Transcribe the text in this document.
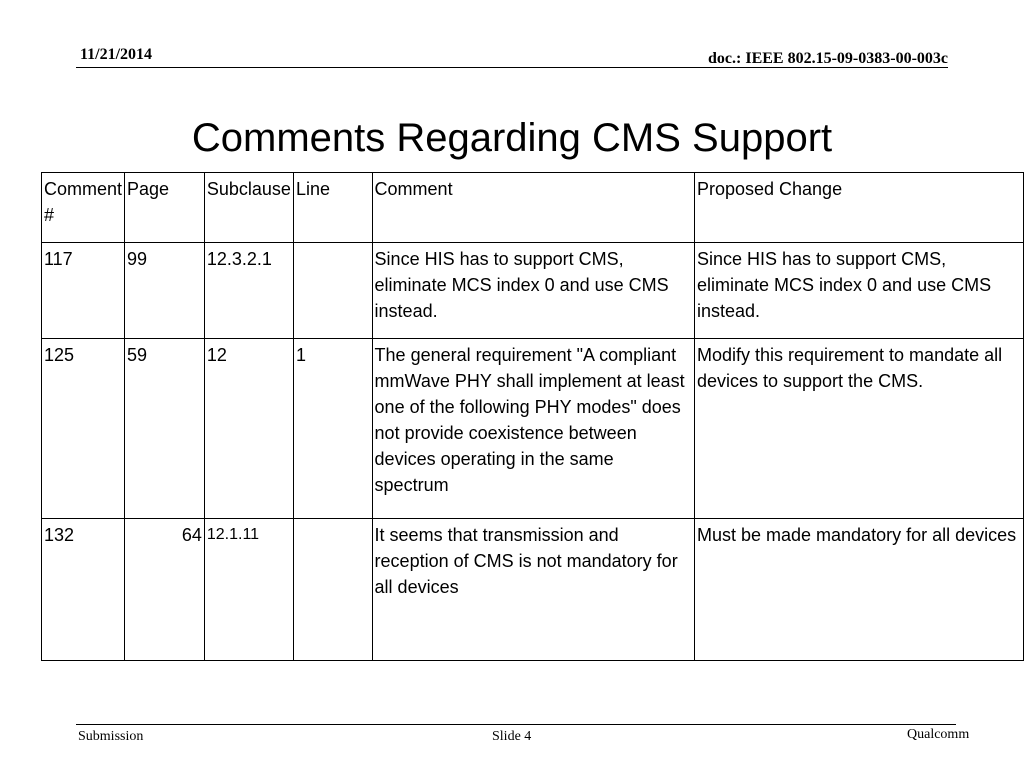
11/21/2014	doc.: IEEE 802.15-09-0383-00-003c
Comments Regarding CMS Support
Comment #	Page	Subclause	Line	Comment	Proposed Change
117	99	12.3.2.1		Since HIS has to support CMS, eliminate MCS index 0 and use CMS instead.	Since HIS has to support CMS, eliminate MCS index 0 and use CMS instead.
125	59	12	1	The general requirement "A compliant mmWave PHY shall implement at least one of the following PHY modes" does not provide coexistence between devices operating in the same spectrum	Modify this requirement to mandate all devices to support the CMS.
132	64	12.1.11		It seems that transmission and reception of CMS is not mandatory for all devices	Must be made mandatory for all devices
Submission	Slide 4	Qualcomm
